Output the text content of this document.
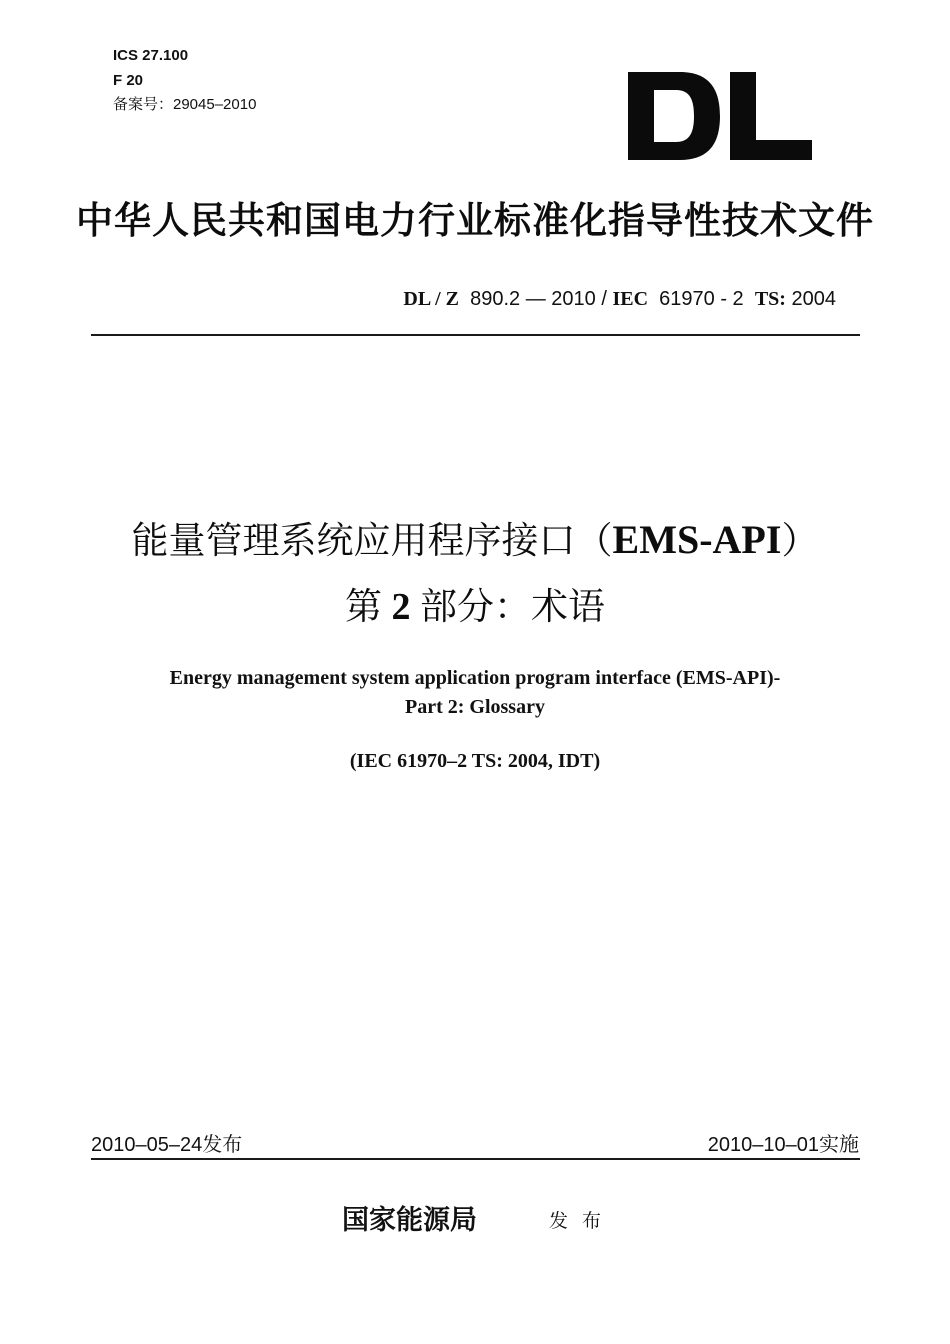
ICS 27.100
F 20
备案号：29045–2010
中华人民共和国电力行业标准化指导性技术文件
DL / Z 890.2 — 2010 / IEC 61970 - 2 TS: 2004
能量管理系统应用程序接口（EMS-API）
第 2 部分：术语
Energy management system application program interface (EMS-API)-
Part 2: Glossary
(IEC 61970–2 TS: 2004, IDT)
2010–05–24发布	2010–10–01实施
国家能源局	发布
